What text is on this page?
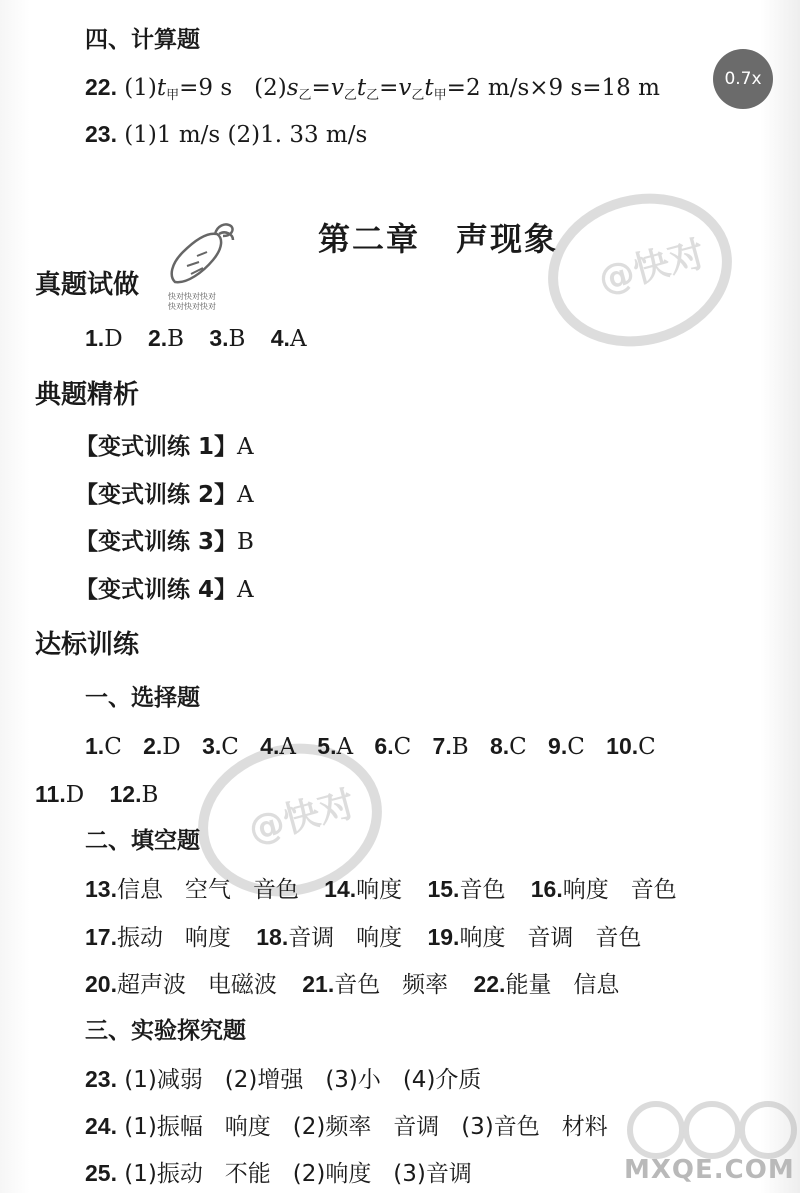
@快对
@快对
四、计算题
22. $(1)t_甲=9$ s $(2)s_乙=v_乙t_乙=v_乙t_甲=2$ m/s×9 s=18 m
23. (1)1 m/s (2)1. 33 m/s
第二章 声现象
快对快对快对
快对快对快对
真题试做
1.D 2.B 3.B 4.A
典题精析
【变式训练 1】A
【变式训练 2】A
【变式训练 3】B
【变式训练 4】A
达标训练
一、选择题
1.C 2.D 3.C 4.A 5.A 6.C 7.B 8.C 9.C 10.C
11.D 12.B
二、填空题
13.信息   空气   音色 14.响度 15.音色 16.响度   音色
17.振动   响度 18.音调   响度 19.响度   音调   音色
20.超声波   电磁波 21.音色   频率 22.能量   信息
三、实验探究题
23. (1)减弱   (2)增强   (3)小   (4)介质
24. (1)振幅   响度   (2)频率   音调   (3)音色   材料
25. (1)振动   不能   (2)响度   (3)音调	MXQE.COM
0.7x
